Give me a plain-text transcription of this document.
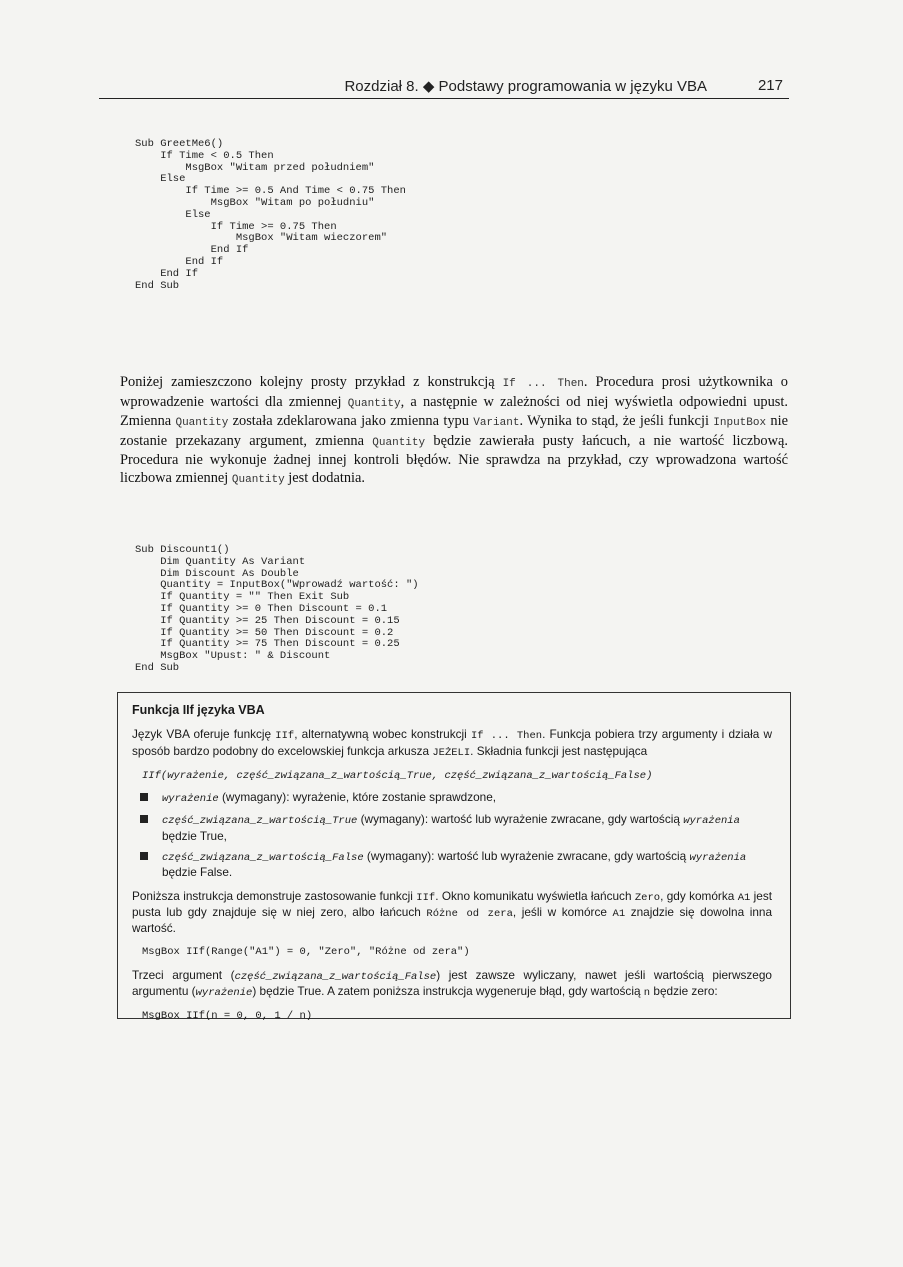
Rozdział 8. ◆ Podstawy programowania w języku VBA	217
Sub GreetMe6()
If Time < 0.5 Then
MsgBox "Witam przed południem"
Else
If Time >= 0.5 And Time < 0.75 Then
MsgBox "Witam po południu"
Else
If Time >= 0.75 Then
MsgBox "Witam wieczorem"
End If
End If
End If
End Sub
Poniżej zamieszczono kolejny prosty przykład z konstrukcją If ... Then. Procedura prosi użytkownika o wprowadzenie wartości dla zmiennej Quantity, a następnie w zależności od niej wyświetla odpowiedni upust. Zmienna Quantity została zdeklarowana jako zmienna typu Variant. Wynika to stąd, że jeśli funkcji InputBox nie zostanie przekazany argument, zmienna Quantity będzie zawierała pusty łańcuch, a nie wartość liczbową. Procedura nie wykonuje żadnej innej kontroli błędów. Nie sprawdza na przykład, czy wprowadzona wartość liczbowa zmiennej Quantity jest dodatnia.
Sub Discount1()
Dim Quantity As Variant
Dim Discount As Double
Quantity = InputBox("Wprowadź wartość: ")
If Quantity = "" Then Exit Sub
If Quantity >= 0 Then Discount = 0.1
If Quantity >= 25 Then Discount = 0.15
If Quantity >= 50 Then Discount = 0.2
If Quantity >= 75 Then Discount = 0.25
MsgBox "Upust: " & Discount
End Sub
Funkcja IIf języka VBA

Język VBA oferuje funkcję IIf, alternatywną wobec konstrukcji If ... Then. Funkcja pobiera trzy argumenty i działa w sposób bardzo podobny do excelowskiej funkcja arkusza JEŻELI. Składnia funkcji jest następująca

IIf(wyrażenie, część_związana_z_wartością_True, część_związana_z_wartością_False)
wyrażenie (wymagany): wyrażenie, które zostanie sprawdzone,
część_związana_z_wartością_True (wymagany): wartość lub wyrażenie zwracane, gdy wartością wyrażenia będzie True,
część_związana_z_wartością_False (wymagany): wartość lub wyrażenie zwracane, gdy wartością wyrażenia będzie False.

Poniższa instrukcja demonstruje zastosowanie funkcji IIf. Okno komunikatu wyświetla łańcuch Zero, gdy komórka A1 jest pusta lub gdy znajduje się w niej zero, albo łańcuch Różne od zera, jeśli w komórce A1 znajdzie się dowolna inna wartość.

MsgBox IIf(Range("A1") = 0, "Zero", "Różne od zera")

Trzeci argument (część_związana_z_wartością_False) jest zawsze wyliczany, nawet jeśli wartością pierwszego argumentu (wyrażenie) będzie True. A zatem poniższa instrukcja wygeneruje błąd, gdy wartością n będzie zero:

MsgBox IIf(n = 0, 0, 1 / n)
